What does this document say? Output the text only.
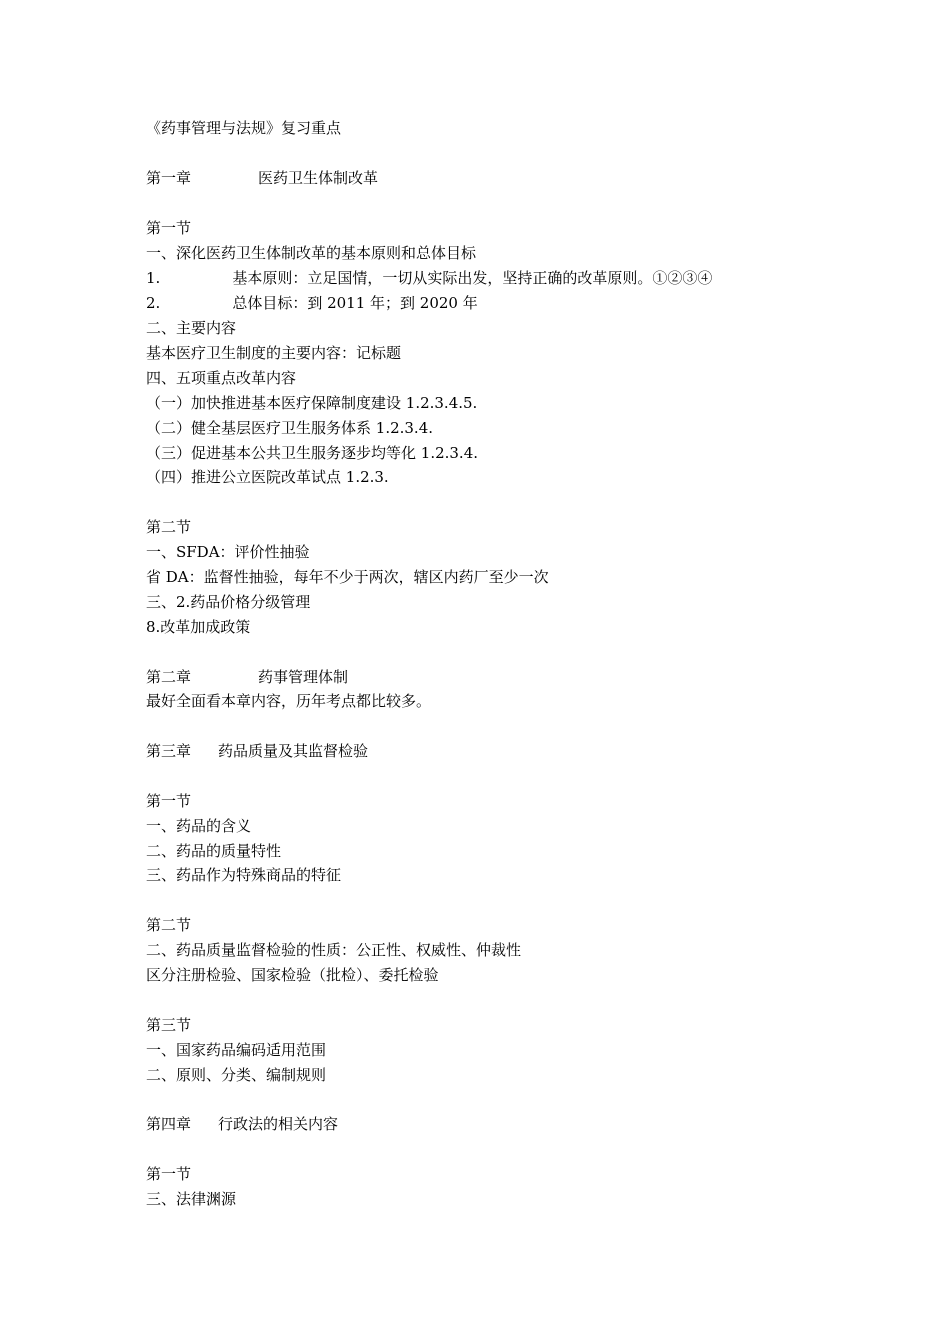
《药事管理与法规》复习重点
第一章	医药卫生体制改革
第一节
一、深化医药卫生体制改革的基本原则和总体目标
1.	基本原则：立足国情，一切从实际出发，坚持正确的改革原则。①②③④
2.	总体目标：到 2011 年；到 2020 年
二、主要内容
基本医疗卫生制度的主要内容：记标题
四、五项重点改革内容
（一）加快推进基本医疗保障制度建设 1.2.3.4.5.
（二）健全基层医疗卫生服务体系 1.2.3.4.
（三）促进基本公共卫生服务逐步均等化 1.2.3.4.
（四）推进公立医院改革试点 1.2.3.
第二节
一、SFDA：评价性抽验
省 DA：监督性抽验，每年不少于两次，辖区内药厂至少一次
三、2.药品价格分级管理
8.改革加成政策
第二章	药事管理体制
最好全面看本章内容，历年考点都比较多。
第三章 药品质量及其监督检验
第一节
一、药品的含义
二、药品的质量特性
三、药品作为特殊商品的特征
第二节
二、药品质量监督检验的性质：公正性、权威性、仲裁性
区分注册检验、国家检验（批检）、委托检验
第三节
一、国家药品编码适用范围
二、原则、分类、编制规则
第四章 行政法的相关内容
第一节
三、法律渊源
